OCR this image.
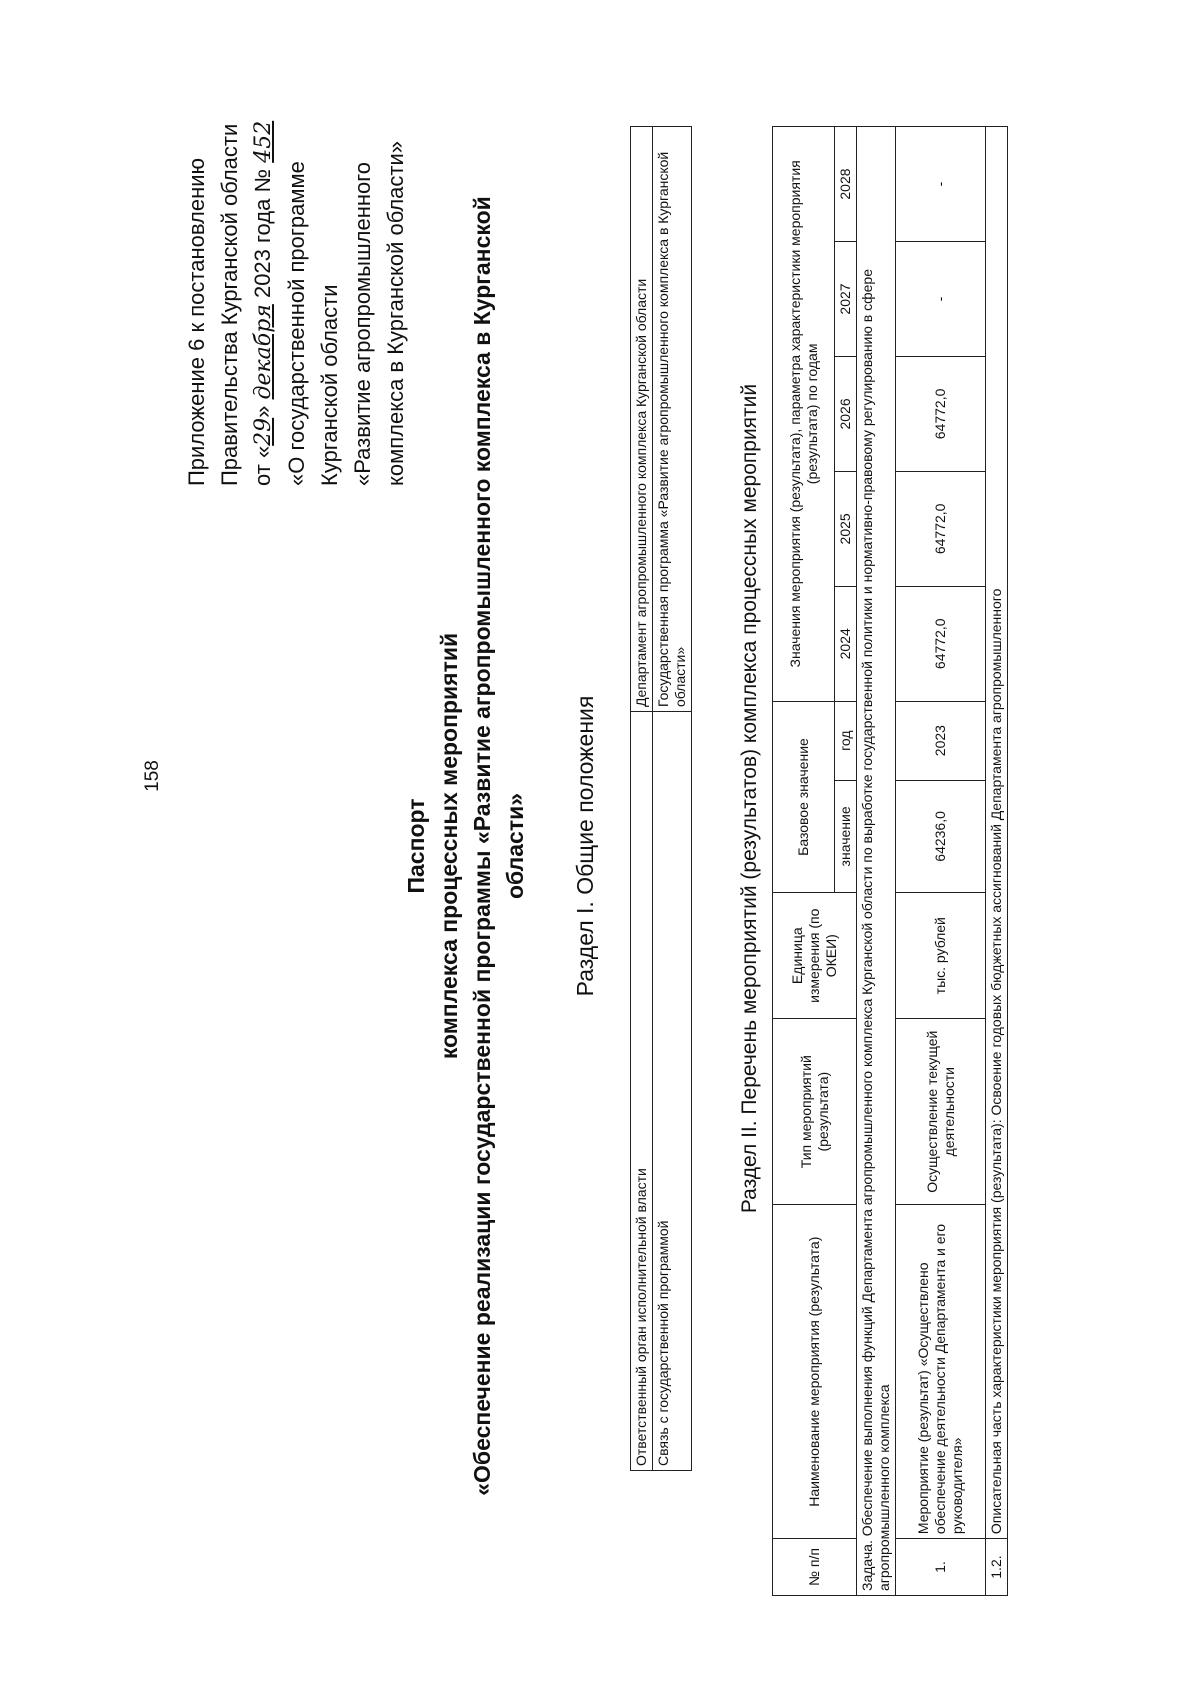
158
Приложение 6 к постановлению Правительства Курганской области от «29» декабря 2023 года № 452
«О государственной программе Курганской области «Развитие агропромышленного комплекса в Курганской области»
Паспорт комплекса процессных мероприятий «Обеспечение реализации государственной программы «Развитие агропромышленного комплекса в Курганской области» Раздел I. Общие положения
Ответственный орган исполнительной власти	Департамент агропромышленного комплекса Курганской области
Связь с государственной программой	Государственная программа «Развитие агропромышленного комплекса в Курганской области» Раздел II. Перечень мероприятий (результатов) комплекса процессных мероприятий
№ п/п	Наименование мероприятия (результата)	Тип мероприятий (результата)	Единица измерения (по ОКЕИ)	Базовое значение		Значения мероприятия (результата), параметра характеристики мероприятия (результата) по годам				
				значение	год	2024	2025	2026	2027	2028
Задача. Обеспечение выполнения функций Департамента агропромышленного комплекса Курганской области по выработке государственной политики и нормативно-правовому регулированию в сфере агропромышленного комплекса										
1.	Мероприятие (результат) «Осуществлено обеспечение деятельности Департамента и его руководителя»	Осуществление текущей деятельности	тыс. рублей	64236,0	2023	64772,0	64772,0	64772,0	-	-
1.2.	Описательная часть характеристики мероприятия (результата): Освоение годовых бюджетных ассигнований Департамента агропромышленного									
